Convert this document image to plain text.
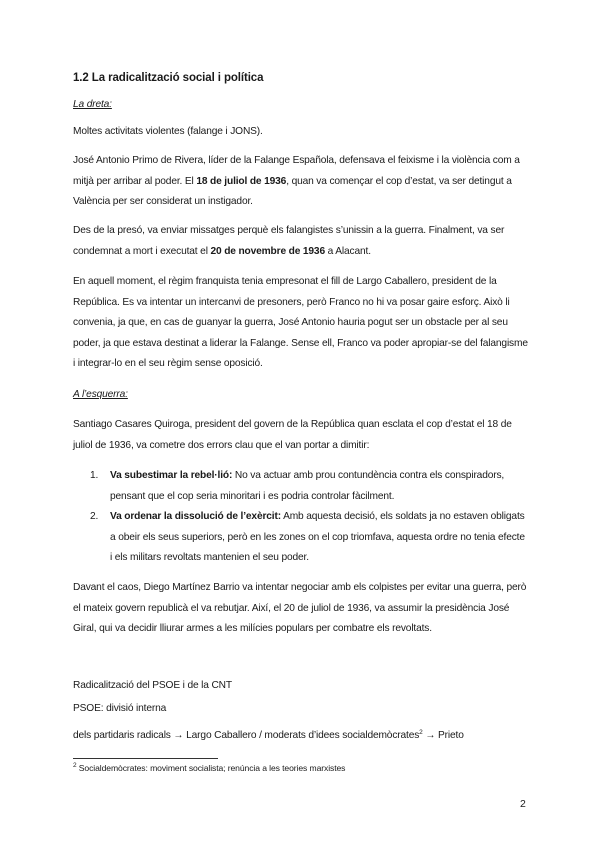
1.2 La radicalització social i política

La dreta:

Moltes activitats violentes (falange i JONS).

José Antonio Primo de Rivera, líder de la Falange Española, defensava el feixisme i la violència com a mitjà per arribar al poder. El 18 de juliol de 1936, quan va començar el cop d’estat, va ser detingut a València per ser considerat un instigador.

Des de la presó, va enviar missatges perquè els falangistes s’unissin a la guerra. Finalment, va ser condemnat a mort i executat el 20 de novembre de 1936 a Alacant.

En aquell moment, el règim franquista tenia empresonat el fill de Largo Caballero, president de la República. Es va intentar un intercanvi de presoners, però Franco no hi va posar gaire esforç. Això li convenia, ja que, en cas de guanyar la guerra, José Antonio hauria pogut ser un obstacle per al seu poder, ja que estava destinat a liderar la Falange. Sense ell, Franco va poder apropiar-se del falangisme i integrar-lo en el seu règim sense oposició.

A l’esquerra:

Santiago Casares Quiroga, president del govern de la República quan esclata el cop d’estat el 18 de juliol de 1936, va cometre dos errors clau que el van portar a dimitir:

1. Va subestimar la rebel·lió: No va actuar amb prou contundència contra els conspiradors, pensant que el cop seria minoritari i es podria controlar fàcilment.
2. Va ordenar la dissolució de l’exèrcit: Amb aquesta decisió, els soldats ja no estaven obligats a obeir els seus superiors, però en les zones on el cop triomfava, aquesta ordre no tenia efecte i els militars revoltats mantenien el seu poder.

Davant el caos, Diego Martínez Barrio va intentar negociar amb els colpistes per evitar una guerra, però el mateix govern republicà el va rebutjar. Així, el 20 de juliol de 1936, va assumir la presidència José Giral, qui va decidir lliurar armes a les milícies populars per combatre els revoltats.

Radicalització del PSOE i de la CNT

PSOE: divisió interna

dels partidaris radicals → Largo Caballero / moderats d’idees socialdemòcrates$^2$ → Prieto

$^2$ Socialdemòcrates: moviment socialista; renúncia a les teories marxistes
2
